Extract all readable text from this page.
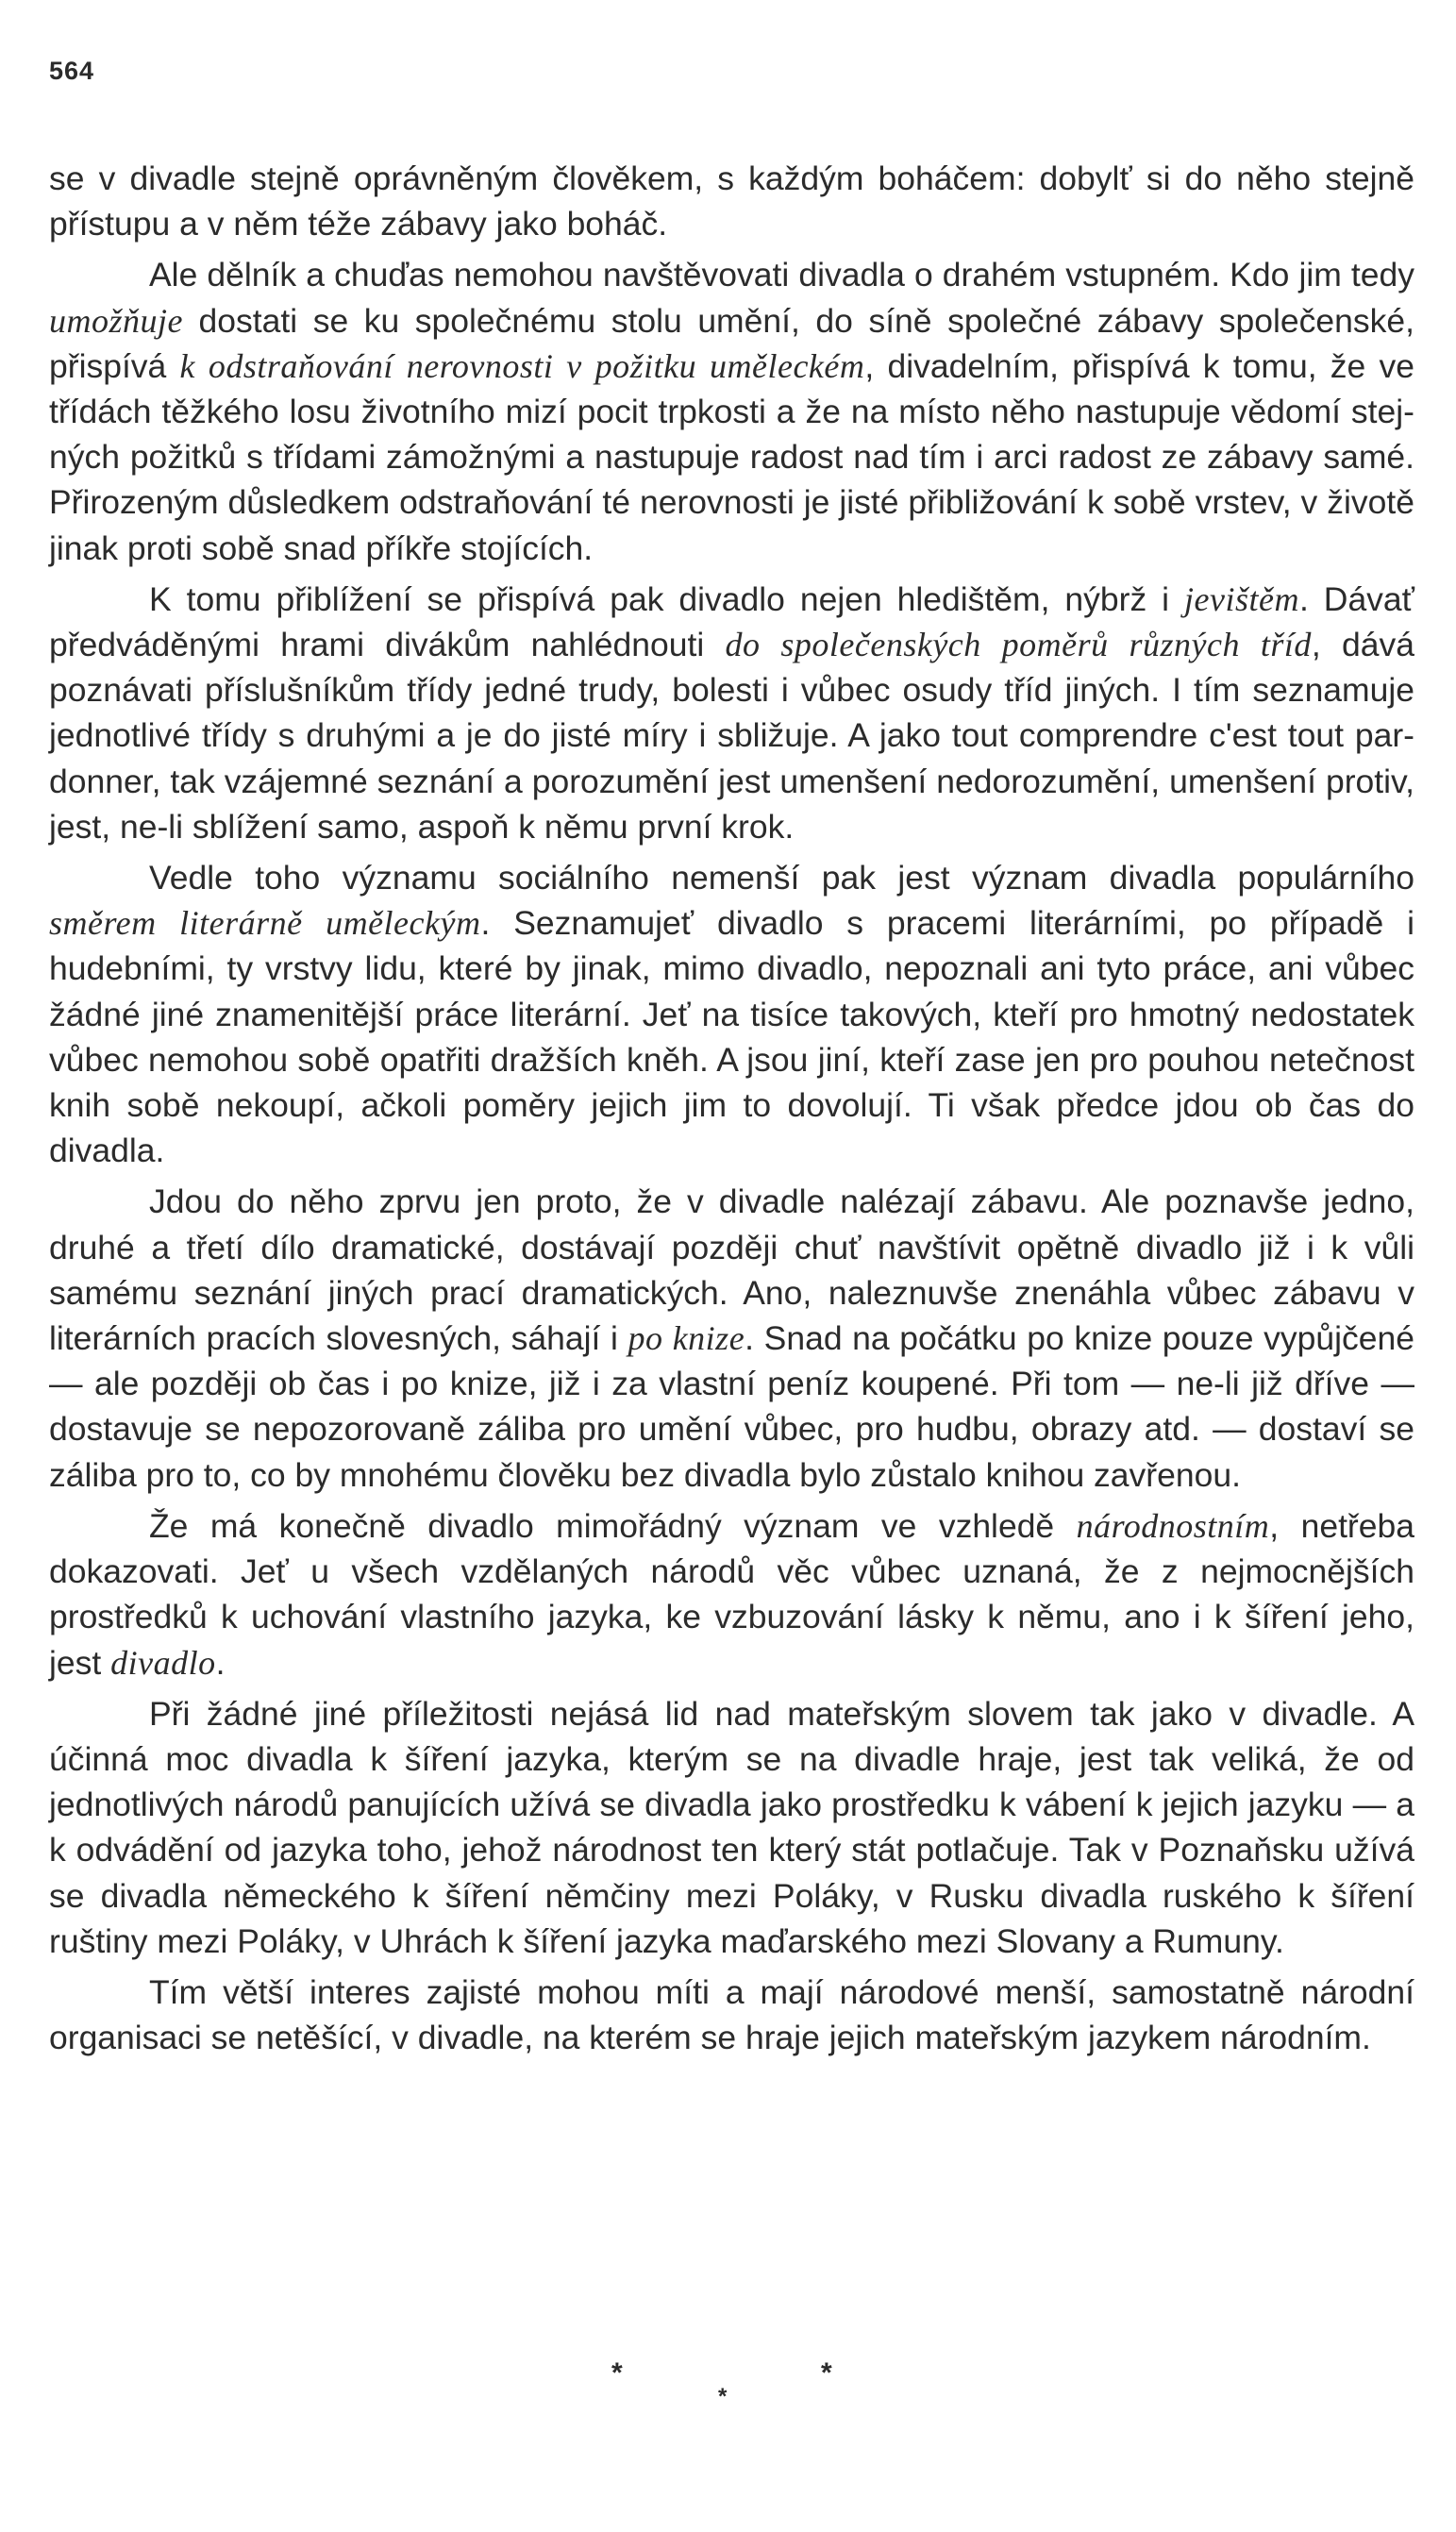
564

se v divadle stejně oprávněným člověkem, s každým boháčem: dobylť si do něho stejně přístupu a v něm téže zábavy jako boháč.

Ale dělník a chuďas nemohou navštěvovati divadla o drahém vstupném. Kdo jim tedy umožňuje dostati se ku společnému stolu umění, do síně společné zábavy společenské, přispívá k odstraňování nerovnosti v požitku uměleckém, divadelním, přispívá k tomu, že ve třídách těžkého losu životního mizí pocit trpkosti a že na místo něho nastupuje vědomí stejných požitků s třídami zámožnými a nastupuje radost nad tím i arci radost ze zábavy samé. Přirozeným důsledkem odstraňování té nerovnosti je jisté přibližování k sobě vrstev, v životě jinak proti sobě snad příkře stojících.

K tomu přiblížení se přispívá pak divadlo nejen hledištěm, nýbrž i jevištěm. Dávať předváděnými hrami divákům nahlédnouti do společenských poměrů různých tříd, dává poznávati příslušníkům třídy jedné trudy, bolesti i vůbec osudy tříd jiných. I tím seznamuje jednotlivé třídy s druhými a je do jisté míry i sbližuje. A jako tout comprendre c'est tout pardonner, tak vzájemné seznání a porozumění jest umenšení nedorozumění, umenšení protiv, jest, ne-li sblížení samo, aspoň k němu první krok.

Vedle toho významu sociálního nemenší pak jest význam divadla populárního směrem literárně uměleckým. Seznamujeť divadlo s pracemi literárními, po případě i hudebními, ty vrstvy lidu, které by jinak, mimo divadlo, nepoznali ani tyto práce, ani vůbec žádné jiné znamenitější práce literární. Jeť na tisíce takových, kteří pro hmotný nedostatek vůbec nemohou sobě opatřiti dražších kněh. A jsou jiní, kteří zase jen pro pouhou netečnost knih sobě nekoupí, ačkoli poměry jejich jim to dovolují. Ti však předce jdou ob čas do divadla.

Jdou do něho zprvu jen proto, že v divadle nalézají zábavu. Ale poznavše jedno, druhé a třetí dílo dramatické, dostávají později chuť navštívit opětně divadlo již i k vůli samému seznání jiných prací dramatických. Ano, naleznuvše znenáhla vůbec zábavu v literárních pracích slovesných, sáhají i po knize. Snad na počátku po knize pouze vypůjčené — ale později ob čas i po knize, již i za vlastní peníz koupené. Při tom — ne-li již dříve — dostavuje se nepozorovaně záliba pro umění vůbec, pro hudbu, obrazy atd. — dostaví se záliba pro to, co by mnohému člověku bez divadla bylo zůstalo knihou zavřenou.

Že má konečně divadlo mimořádný význam ve vzhledě národnostním, netřeba dokazovati. Jeť u všech vzdělaných národů věc vůbec uznaná, že z nejmocnějších prostředků k uchování vlastního jazyka, ke vzbuzování lásky k němu, ano i k šíření jeho, jest divadlo.

Při žádné jiné příležitosti nejásá lid nad mateřským slovem tak jako v divadle. A účinná moc divadla k šíření jazyka, kterým se na divadle hraje, jest tak veliká, že od jednotlivých národů panujících užívá se divadla jako prostředku k vábení k jejich jazyku — a k odvádění od jazyka toho, jehož národnost ten který stát potlačuje. Tak v Poznaňsku užívá se divadla německého k šíření němčiny mezi Poláky, v Rusku divadla ruského k šíření ruštiny mezi Poláky, v Uhrách k šíření jazyka maďarského mezi Slovany a Rumuny.

Tím větší interes zajisté mohou míti a mají národové menší, samostatně národní organisaci se netěšící, v divadle, na kterém se hraje jejich mateřským jazykem národním.

*
*
*
